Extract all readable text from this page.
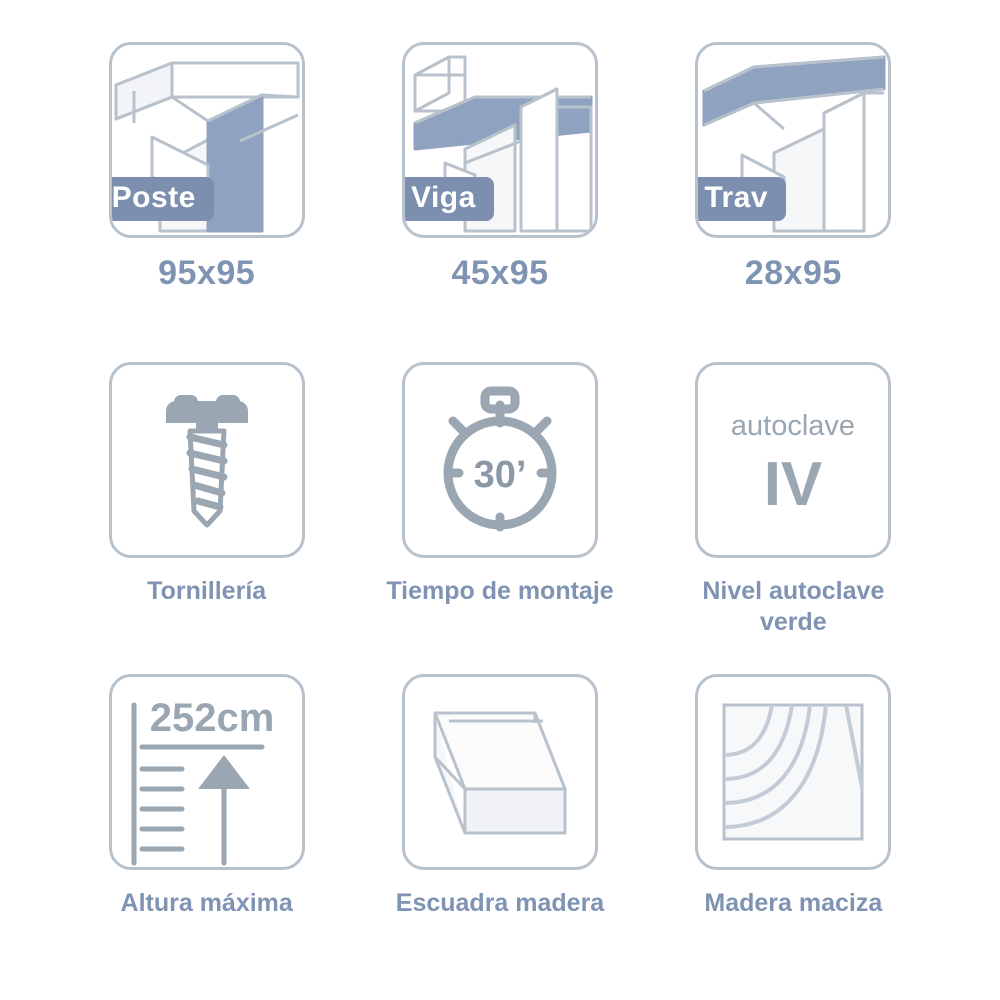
Poste
95x95
Viga
45x95
Trav
28x95
Tornillería
30’
Tiempo de montaje
autoclave
IV
Nivel autoclave verde
252cm
Altura máxima	Escuadra madera	Madera maciza
